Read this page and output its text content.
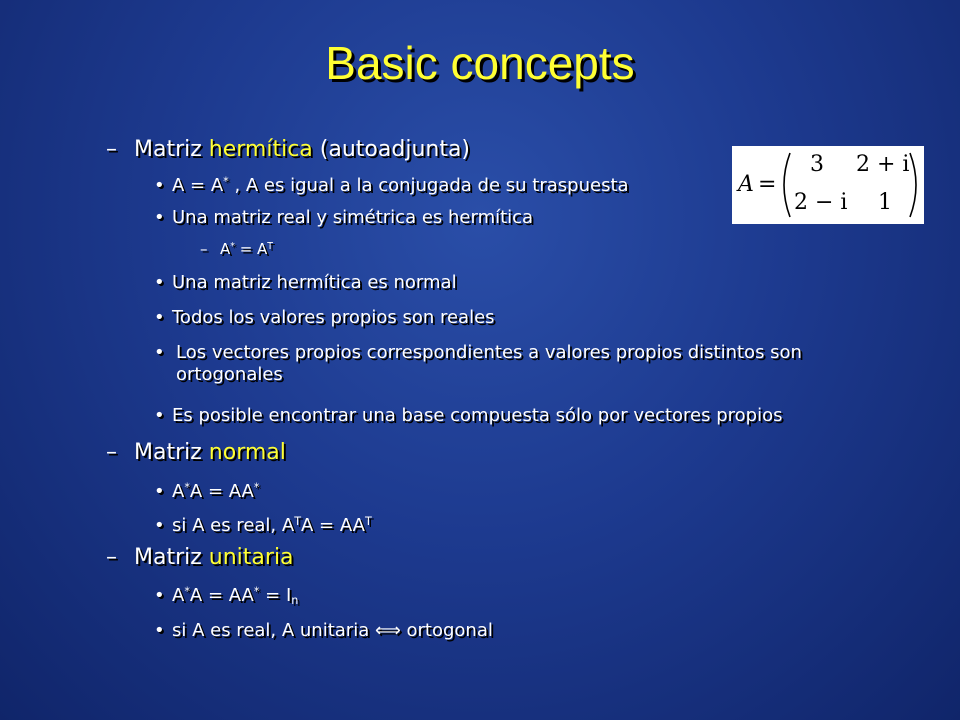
Basic concepts
– Matriz hermítica (autoadjunta)
• A = A* , A es igual a la conjugada de su traspuesta
• Una matriz real y simétrica es hermítica
– $A^* = A^T$
• Una matriz hermítica es normal
• Todos los valores propios son reales
• Los vectores propios correspondientes a valores propios distintos son ortogonales
• Es posible encontrar una base compuesta sólo por vectores propios
– Matriz normal
• A*A = AA*
• si A es real, $A^TA = AA^T$
– Matriz unitaria
• $A^*A = AA^* = I_n$
• si A es real, A unitaria ⟺ ortogonal
A =
3 2 + i
2 − i 1
